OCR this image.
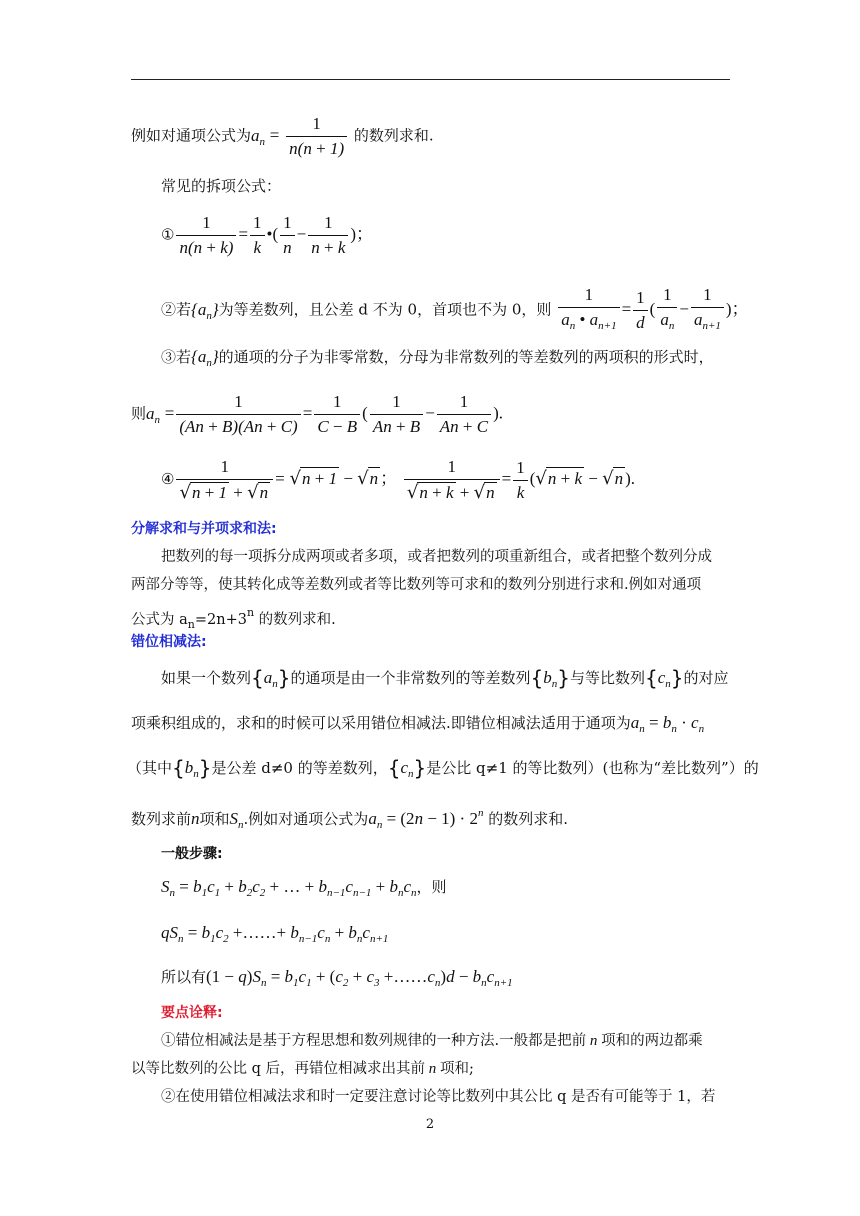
例如对通项公式为$a_n = \frac{1}{n(n + 1)}$ 的数列求和.
常见的拆项公式：
① $\frac{1}{n(n + k)} = \frac{1}{k}$ •( $\frac{1}{n} - \frac{1}{n + k}$ )；
②若$\{a_n\}$为等差数列，且公差 d 不为 0，首项也不为 0，则 $\frac{1}{a_n • a_{n+1}} = \frac{1}{d}$ ( $\frac{1}{a_n} - \frac{1}{a_{n+1}}$ )；
③若$\{a_n\}$的通项的分子为非零常数，分母为非常数列的等差数列的两项积的形式时，
则$a_n = \frac{1}{(An + B)(An + C)} = \frac{1}{C - B}$ ( $\frac{1}{An + B} - \frac{1}{An + C}$ ).
④ $\frac{1}{√n + 1 + √n} = √n + 1 - √n$ ； $\frac{1}{√n + k + √n} = \frac{1}{k} (√n + k - √n$ ).
分解求和与并项求和法:
把数列的每一项拆分成两项或者多项，或者把数列的项重新组合，或者把整个数列分成
两部分等等，使其转化成等差数列或者等比数列等可求和的数列分别进行求和.例如对通项
公式为 $a_n=2n+3^n$ 的数列求和.
错位相减法:
如果一个数列$\{a_n\}$的通项是由一个非常数列的等差数列$\{b_n\}$与等比数列$\{c_n\}$的对应
项乘积组成的，求和的时候可以采用错位相减法.即错位相减法适用于通项为$a_n = b_n \cdot c_n$
（其中$\{b_n\}$是公差 d≠0 的等差数列，$\{c_n\}$是公比 q≠1 的等比数列）(也称为“差比数列”）的
数列求前n项和$S_n$.例如对通项公式为$a_n = (2n - 1) \cdot 2^n$ 的数列求和.
一般步骤:
$S_n = b_1c_1 + b_2c_2$ + … + $b_{n-1}c_{n-1} + b_nc_n$，则
$qS_n = b_1c_2$ +……+ $b_{n-1}c_n + b_nc_{n+1}$
所以有$(1 - q)S_n = b_1c_1 + (c_2 + c_3$ $+\dots\dots c_n)d - b_nc_{n+1}$
要点诠释:
①错位相减法是基于方程思想和数列规律的一种方法.一般都是把前 n 项和的两边都乘
以等比数列的公比 q 后，再错位相减求出其前 n 项和;
②在使用错位相减法求和时一定要注意讨论等比数列中其公比 q 是否有可能等于 1，若
2
